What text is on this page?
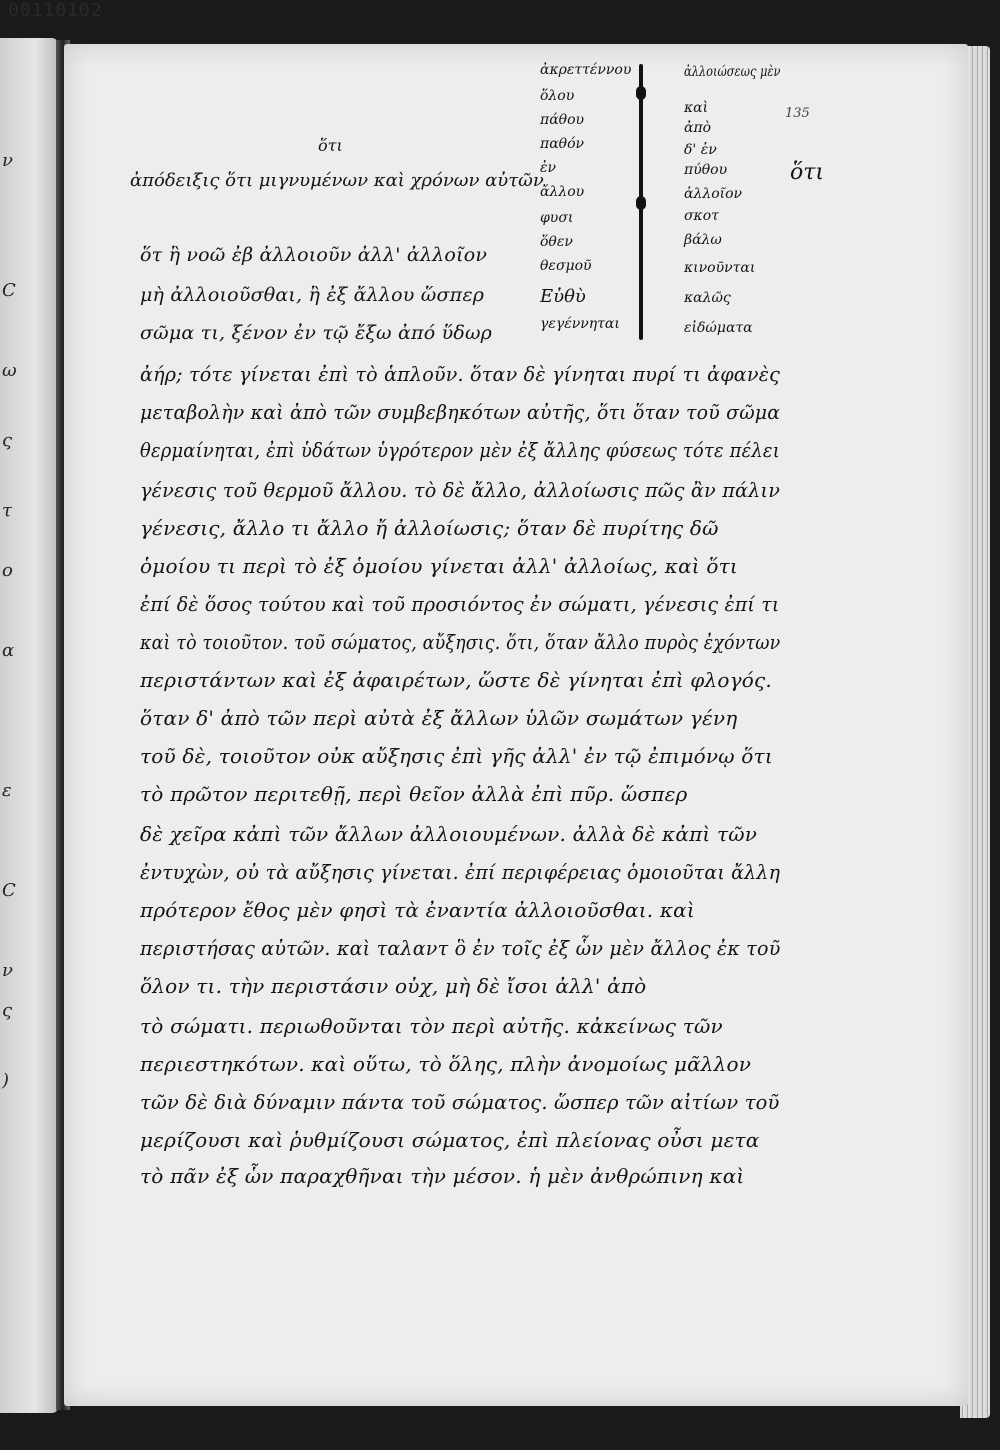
00110102
ν
C
ω
ς
τ
ο
α
ε
C
ν
ς
)
ὅτι
ἀπόδειξις ὅτι μιγνυμένων καὶ χρόνων αὐτῶν
ἀκρεττέννου
ὅλου
πάθου
παθόν
ἐν
ἄλλου
φυσι
ὅθεν
θεσμοῦ
Εὐθὺ
γεγέννηται
ἀλλοιώσεως μὲν
καὶ
ἀπὸ
δ' ἐν
πύθου
ἀλλοῖον
σκοτ
βάλω
κινοῦνται
καλῶς
εἰδώματα
135
ὅτι
ὅτ ἢ νοῶ ἐβ ἀλλοιοῦν ἀλλ' ἀλλοῖον
μὴ ἀλλοιοῦσθαι, ἢ ἐξ ἄλλου ὥσπερ
σῶμα τι, ξένον ἐν τῷ ἔξω ἀπό ὕδωρ
ἀήρ; τότε γίνεται ἐπὶ τὸ ἁπλοῦν. ὅταν δὲ γίνηται πυρί τι ἀφανὲς
μεταβολὴν καὶ ἀπὸ τῶν συμβεβηκότων αὐτῆς, ὅτι ὅταν τοῦ σῶμα
θερμαίνηται, ἐπὶ ὑδάτων ὑγρότερον μὲν ἐξ ἄλλης φύσεως τότε πέλει
γένεσις τοῦ θερμοῦ ἄλλου. τὸ δὲ ἄλλο, ἀλλοίωσις πῶς ἂν πάλιν
γένεσις, ἄλλο τι ἄλλο ἤ ἀλλοίωσις; ὅταν δὲ πυρίτης δῶ
ὁμοίου τι περὶ τὸ ἐξ ὁμοίου γίνεται ἀλλ' ἀλλοίως, καὶ ὅτι
ἐπί δὲ ὅσος τούτου καὶ τοῦ προσιόντος ἐν σώματι, γένεσις ἐπί τι
καὶ τὸ τοιοῦτον. τοῦ σώματος, αὔξησις. ὅτι, ὅταν ἄλλο πυρὸς ἐχόντων
περιστάντων καὶ ἐξ ἀφαιρέτων, ὥστε δὲ γίνηται ἐπὶ φλογός.
ὅταν δ' ἀπὸ τῶν περὶ αὐτὰ ἐξ ἄλλων ὑλῶν σωμάτων γένη
τοῦ δὲ, τοιοῦτον οὐκ αὔξησις ἐπὶ γῆς ἀλλ' ἐν τῷ ἐπιμόνῳ ὅτι
τὸ πρῶτον περιτεθῇ, περὶ θεῖον ἀλλὰ ἐπὶ πῦρ. ὥσπερ
δὲ χεῖρα κἀπὶ τῶν ἄλλων ἀλλοιουμένων. ἀλλὰ δὲ κἀπὶ τῶν
ἐντυχὼν, οὐ τὰ αὔξησις γίνεται. ἐπί περιφέρειας ὁμοιοῦται ἄλλη
πρότερον ἔθος μὲν φησὶ τὰ ἐναντία ἀλλοιοῦσθαι. καὶ
περιστήσας αὐτῶν. καὶ ταλαντ ὃ ἐν τοῖς ἐξ ὧν μὲν ἄλλος ἐκ τοῦ
ὅλον τι. τὴν περιστάσιν οὐχ, μὴ δὲ ἴσοι ἀλλ' ἀπὸ
τὸ σώματι. περιωθοῦνται τὸν περὶ αὐτῆς. κἀκείνως τῶν
περιεστηκότων. καὶ οὕτω, τὸ ὅλης, πλὴν ἀνομοίως μᾶλλον
τῶν δὲ διὰ δύναμιν πάντα τοῦ σώματος. ὥσπερ τῶν αἰτίων τοῦ
μερίζουσι καὶ ῥυθμίζουσι σώματος, ἐπὶ πλείονας οὖσι μετα
τὸ πᾶν ἐξ ὧν παραχθῆναι τὴν μέσον. ἡ μὲν ἀνθρώπινη καὶ
